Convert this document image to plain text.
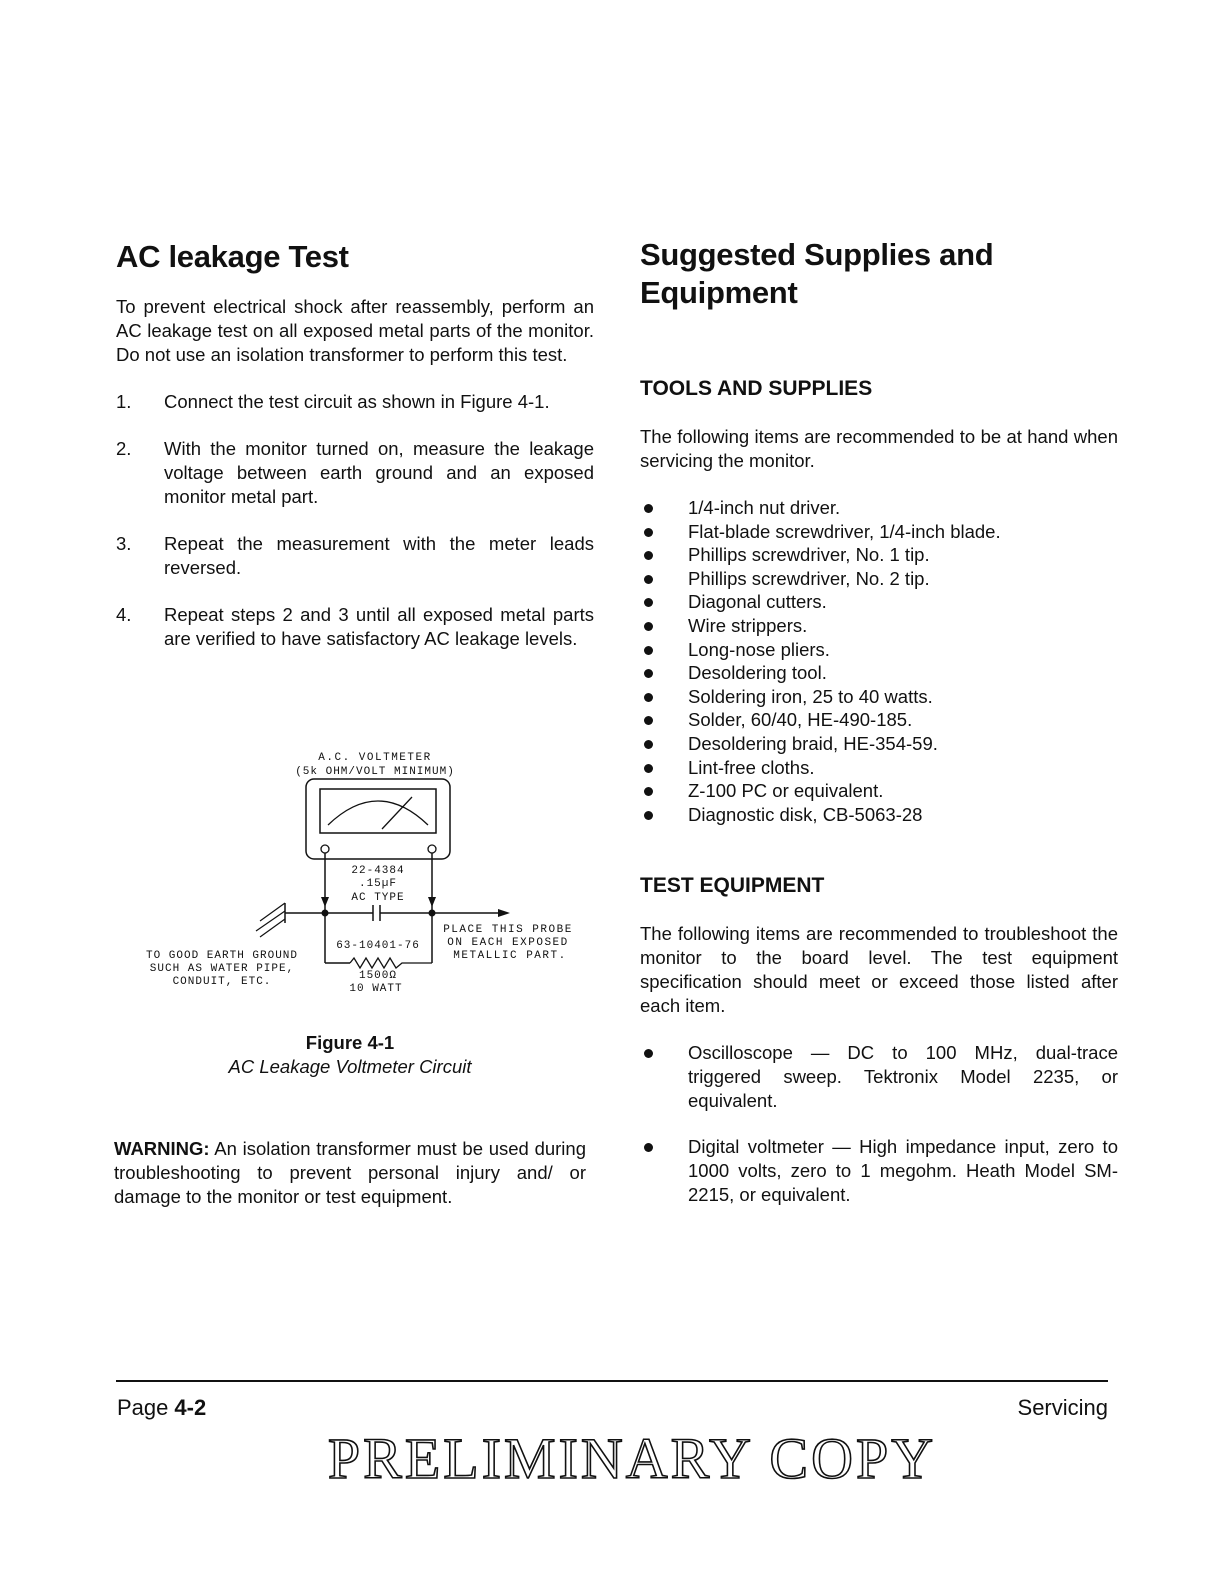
AC leakage Test

To prevent electrical shock after reassembly, perform an AC leakage test on all exposed metal parts of the monitor. Do not use an isolation transformer to perform this test.

1. Connect the test circuit as shown in Figure 4-1.
2. With the monitor turned on, measure the leakage voltage between earth ground and an exposed monitor metal part.
3. Repeat the measurement with the meter leads reversed.
4. Repeat steps 2 and 3 until all exposed metal parts are verified to have satisfactory AC leakage levels.
A.C. VOLTMETER
(5k OHM/VOLT MINIMUM)
22-4384
.15µF
AC TYPE
63-10401-76
1500Ω
10 WATT
TO GOOD EARTH GROUND
SUCH AS WATER PIPE,
CONDUIT, ETC.
PLACE THIS PROBE
ON EACH EXPOSED
METALLIC PART.
Figure 4-1
AC Leakage Voltmeter Circuit

WARNING: An isolation transformer must be used during troubleshooting to prevent personal injury and/ or damage to the monitor or test equipment.

Suggested Supplies and Equipment
TOOLS AND SUPPLIES

The following items are recommended to be at hand when servicing the monitor.

1/4-inch nut driver.
Flat-blade screwdriver, 1/4-inch blade.
Phillips screwdriver, No. 1 tip.
Phillips screwdriver, No. 2 tip.
Diagonal cutters.
Wire strippers.
Long-nose pliers.
Desoldering tool.
Soldering iron, 25 to 40 watts.
Solder, 60/40, HE-490-185.
Desoldering braid, HE-354-59.
Lint-free cloths.
Z-100 PC or equivalent.
Diagnostic disk, CB-5063-28
TEST EQUIPMENT

The following items are recommended to troubleshoot the monitor to the board level. The test equipment specification should meet or exceed those listed after each item.

Oscilloscope — DC to 100 MHz, dual-trace triggered sweep. Tektronix Model 2235, or equivalent.
Digital voltmeter — High impedance input, zero to 1000 volts, zero to 1 megohm. Heath Model SM-2215, or equivalent.
Page 4-2	Servicing
PRELIMINARY COPY
